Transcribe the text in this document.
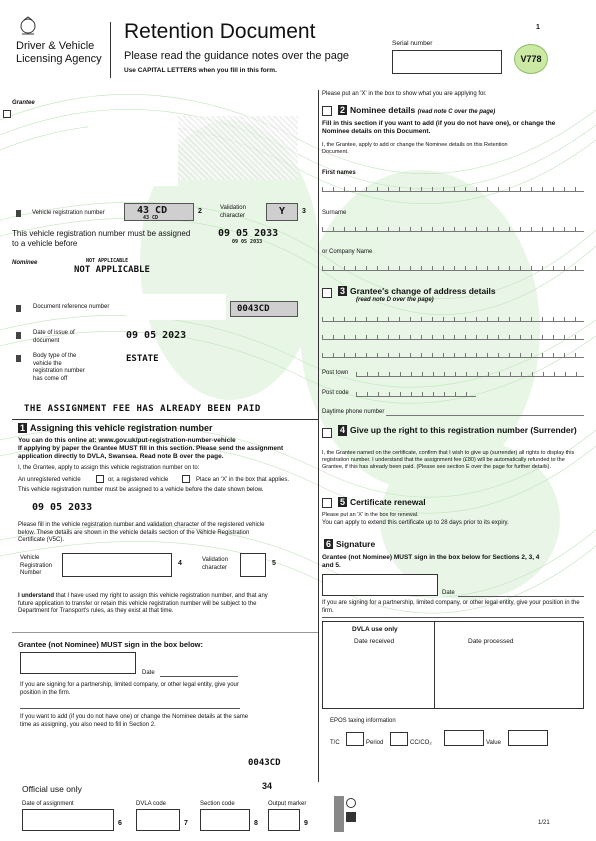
Driver & Vehicle Licensing Agency
Retention Document
Please read the guidance notes over the page
Use CAPITAL LETTERS when you fill in this form.
Serial number
1
V778
Grantee
Vehicle registration number	43 CD
43 CD
2	Validation character	Y 3
This vehicle registration number must be assigned to a vehicle before
09 05 2033
09 05 2033
Nominee	NOT APPLICABLE
NOT APPLICABLE
Document reference number	0043CD
Date of issue of document	09 05 2023
Body type of the vehicle the registration number has come off
ESTATE
THE ASSIGNMENT FEE HAS ALREADY BEEN PAID
1 Assigning this vehicle registration number
You can do this online at: www.gov.uk/put-registration-number-vehicle
If applying by paper the Grantee MUST fill in this section. Please send the assignment application directly to DVLA, Swansea. Read note B over the page.
I, the Grantee, apply to assign this vehicle registration number on to:
An unregistered vehicle	or, a registered vehicle	Place an 'X' in the box that applies.
This vehicle registration number must be assigned to a vehicle before the date shown below.
09 05 2033
Please fill in the vehicle registration number and validation character of the registered vehicle below. These details are shown in the vehicle details section of the Vehicle Registration Certificate (V5C).
Vehicle Registration Number
4	Validation character
5
I understand that I have used my right to assign this vehicle registration number, and that any future application to transfer or retain this vehicle registration number will be subject to the Department for Transport's rules, as they exist at that time.
Grantee (not Nominee) MUST sign in the box below:
Date
If you are signing for a partnership, limited company, or other legal entity, give your position in the firm.
If you want to add (if you do not have one) or change the Nominee details at the same time as assigning, you also need to fill in Section 2.
0043CD
34
Official use only
Date of assignment
6
DVLA code
7
Section code
8
Output marker
9	1/21
Please put an 'X' in the box to show what you are applying for.
2 Nominee details (read note C over the page)
Fill in this section if you want to add (if you do not have one), or change the Nominee details on this Document.
I, the Grantee, apply to add or change the Nominee details on this Retention Document.
First names
Surname
or Company Name
3 Grantee's change of address details
(read note D over the page)
Post town
Post code
Daytime phone number
4 Give up the right to this registration number (Surrender)
I, the Grantee named on the certificate, confirm that I wish to give up (surrender) all rights to display this registration number. I understand that the assignment fee (£80) will be automatically refunded to the Grantee, if this has already been paid. (Please see section E over the page for further details).
5 Certificate renewal
Please put an 'X' in the box for renewal.
You can apply to extend this certificate up to 28 days prior to its expiry.
6 Signature
Grantee (not Nominee) MUST sign in the box below for Sections 2, 3, 4 and 5.
Date
If you are signing for a partnership, limited company, or other legal entity, give your position in the firm.
DVLA use only
Date received	Date processed
EPOS taxing information
T/C	Period	CC/CO₂	Value
